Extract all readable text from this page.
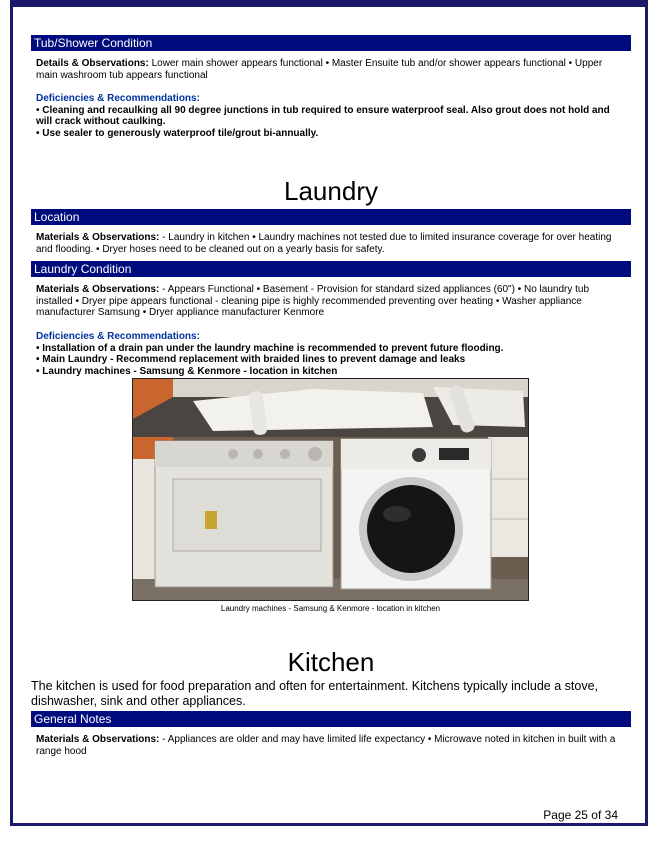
Tub/Shower Condition
Details & Observations: Lower main shower appears functional • Master Ensuite tub and/or shower appears functional • Upper main washroom tub appears functional
Deficiencies & Recommendations:
• Cleaning and recaulking all 90 degree junctions in tub required to ensure waterproof seal. Also grout does not hold and will crack without caulking.
• Use sealer to generously waterproof tile/grout bi-annually.
Laundry
Location
Materials & Observations: - Laundry in kitchen • Laundry machines not tested due to limited insurance coverage for over heating and flooding. • Dryer hoses need to be cleaned out on a yearly basis for safety.
Laundry Condition
Materials & Observations: - Appears Functional • Basement - Provision for standard sized appliances (60") • No laundry tub installed • Dryer pipe appears functional - cleaning pipe is highly recommended preventing over heating • Washer appliance manufacturer Samsung • Dryer appliance manufacturer Kenmore
Deficiencies & Recommendations:
• Installation of a drain pan under the laundry machine is recommended to prevent future flooding.
• Main Laundry - Recommend replacement with braided lines to prevent damage and leaks
• Laundry machines - Samsung & Kenmore - location in kitchen
Laundry machines - Samsung & Kenmore - location in kitchen
Kitchen
The kitchen is used for food preparation and often for entertainment. Kitchens typically include a stove, dishwasher, sink and other appliances.
General Notes
Materials & Observations: - Appliances are older and may have limited life expectancy • Microwave noted in kitchen in built with a range hood
Page 25 of 34
